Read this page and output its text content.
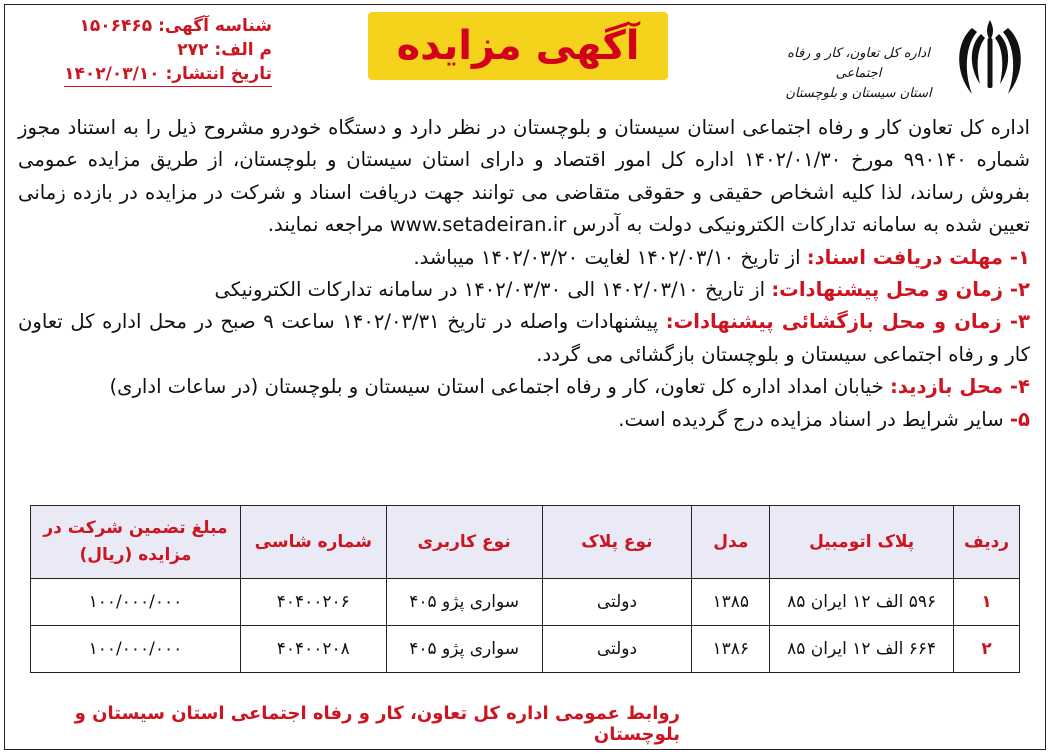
شناسه آگهی: ۱۵۰۶۴۶۵
م الف: ۲۷۲
تاریخ انتشار: ۱۴۰۲/۰۳/۱۰
آگهی مزایده	اداره کل تعاون، کار و رفاه اجتماعی
استان سیستان و بلوچستان

اداره کل تعاون کار و رفاه اجتماعی استان سیستان و بلوچستان در نظر دارد و دستگاه خودرو مشروح ذیل را به استناد مجوز شماره ۹۹۰۱۴۰ مورخ ۱۴۰۲/۰۱/۳۰ اداره کل امور اقتصاد و دارای استان سیستان و بلوچستان، از طریق مزایده عمومی بفروش رساند، لذا کلیه اشخاص حقیقی و حقوقی متقاضی می توانند جهت دریافت اسناد و شرکت در مزایده در بازده زمانی تعیین شده به سامانه تدارکات الکترونیکی دولت به آدرس www.setadeiran.ir مراجعه نمایند.

۱- مهلت دریافت اسناد: از تاریخ ۱۴۰۲/۰۳/۱۰ لغایت ۱۴۰۲/۰۳/۲۰ میباشد.

۲- زمان و محل پیشنهادات: از تاریخ ۱۴۰۲/۰۳/۱۰ الی ۱۴۰۲/۰۳/۳۰ در سامانه تدارکات الکترونیکی

۳- زمان و محل بازگشائی پیشنهادات: پیشنهادات واصله در تاریخ ۱۴۰۲/۰۳/۳۱ ساعت ۹ صبح در محل اداره کل تعاون کار و رفاه اجتماعی سیستان و بلوچستان بازگشائی می گردد.

۴- محل بازدید: خیابان امداد اداره کل تعاون، کار و رفاه اجتماعی استان سیستان و بلوچستان (در ساعات اداری)

۵- سایر شرایط در اسناد مزایده درج گردیده است.

ردیف	پلاک اتومبیل	مدل	نوع پلاک	نوع کاربری	شماره شاسی	مبلغ تضمین شرکت در مزایده (ریال)
۱	۵۹۶ الف ۱۲ ایران ۸۵	۱۳۸۵	دولتی	سواری پژو ۴۰۵	۴۰۴۰۰۲۰۶	۱۰۰/۰۰۰/۰۰۰
۲	۶۶۴ الف ۱۲ ایران ۸۵	۱۳۸۶	دولتی	سواری پژو ۴۰۵	۴۰۴۰۰۲۰۸	۱۰۰/۰۰۰/۰۰۰
روابط عمومی اداره کل تعاون، کار و رفاه اجتماعی استان سیستان و بلوچستان
